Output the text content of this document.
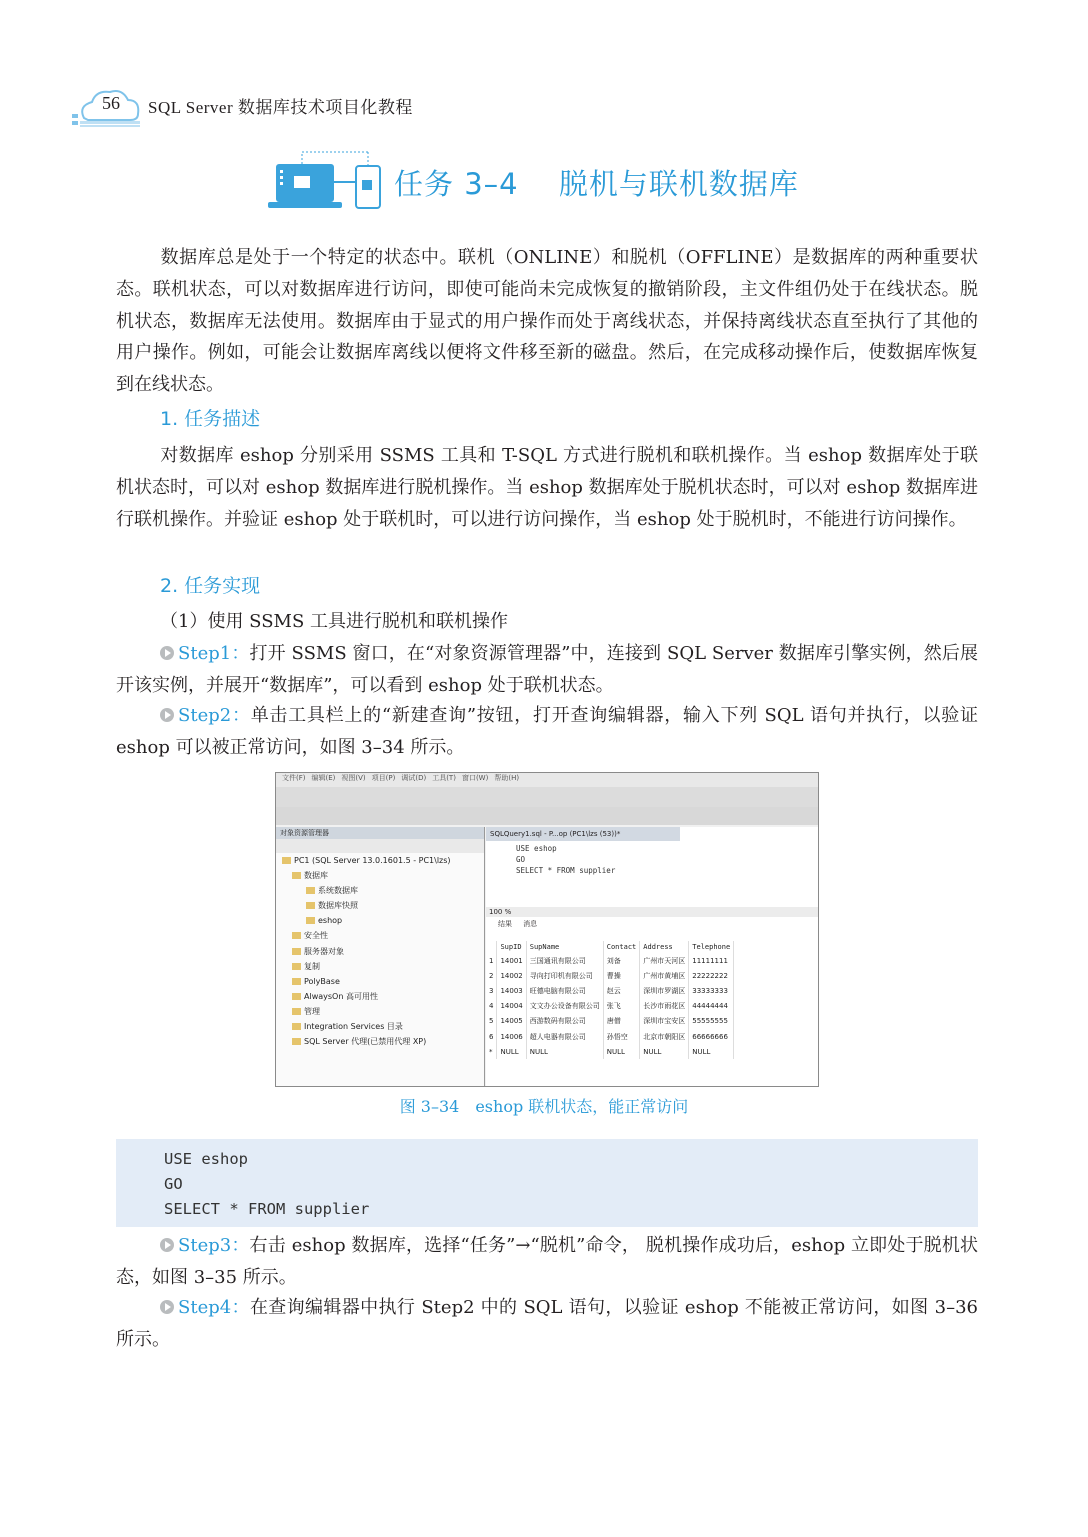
56 SQL Server 数据库技术项目化教程
任务 3–4　 脱机与联机数据库

数据库总是处于一个特定的状态中。联机（ONLINE）和脱机（OFFLINE）是数据库的两种重要状态。联机状态，可以对数据库进行访问，即使可能尚未完成恢复的撤销阶段，主文件组仍处于在线状态。脱机状态，数据库无法使用。数据库由于显式的用户操作而处于离线状态，并保持离线状态直至执行了其他的用户操作。例如，可能会让数据库离线以便将文件移至新的磁盘。然后，在完成移动操作后，使数据库恢复到在线状态。

1. 任务描述

对数据库 eshop 分别采用 SSMS 工具和 T-SQL 方式进行脱机和联机操作。当 eshop 数据库处于联机状态时，可以对 eshop 数据库进行脱机操作。当 eshop 数据库处于脱机状态时，可以对 eshop 数据库进行联机操作。并验证 eshop 处于联机时，可以进行访问操作，当 eshop 处于脱机时，不能进行访问操作。

2. 任务实现
（1）使用 SSMS 工具进行脱机和联机操作

Step1：打开 SSMS 窗口，在“对象资源管理器”中，连接到 SQL Server 数据库引擎实例，然后展开该实例，并展开“数据库”，可以看到 eshop 处于联机状态。

Step2：单击工具栏上的“新建查询”按钮，打开查询编辑器，输入下列 SQL 语句并执行，以验证 eshop 可以被正常访问，如图 3–34 所示。

文件(F) 编辑(E) 视图(V) 项目(P) 调试(D) 工具(T) 窗口(W) 帮助(H)
对象资源管理器
PC1 (SQL Server 13.0.1601.5 - PC1\lzs)
数据库
系统数据库
数据库快照
eshop
安全性
服务器对象
复制
PolyBase
AlwaysOn 高可用性
管理
Integration Services 目录
SQL Server 代理(已禁用代理 XP)
SQLQuery1.sql - P...op (PC1\lzs (53))*
USE eshop
GO
SELECT * FROM supplier
100 %
结果 消息
	SupID	SupName	Contact	Address	Telephone
1	14001	三国通讯有限公司	刘备	广州市天河区	11111111
2	14002	寻向打印机有限公司	曹操	广州市黄埔区	22222222
3	14003	旺德电脑有限公司	赵云	深圳市罗湖区	33333333
4	14004	文文办公设备有限公司	张飞	长沙市雨花区	44444444
5	14005	西游数码有限公司	唐僧	深圳市宝安区	55555555
6	14006	超人电器有限公司	孙悟空	北京市朝阳区	66666666
*	NULL	NULL	NULL	NULL	NULL
图 3–34　eshop 联机状态，能正常访问
USE eshop
GO
SELECT * FROM supplier

Step3：右击 eshop 数据库，选择“任务”→“脱机”命令， 脱机操作成功后，eshop 立即处于脱机状态，如图 3–35 所示。

Step4：在查询编辑器中执行 Step2 中的 SQL 语句，以验证 eshop 不能被正常访问，如图 3–36 所示。
